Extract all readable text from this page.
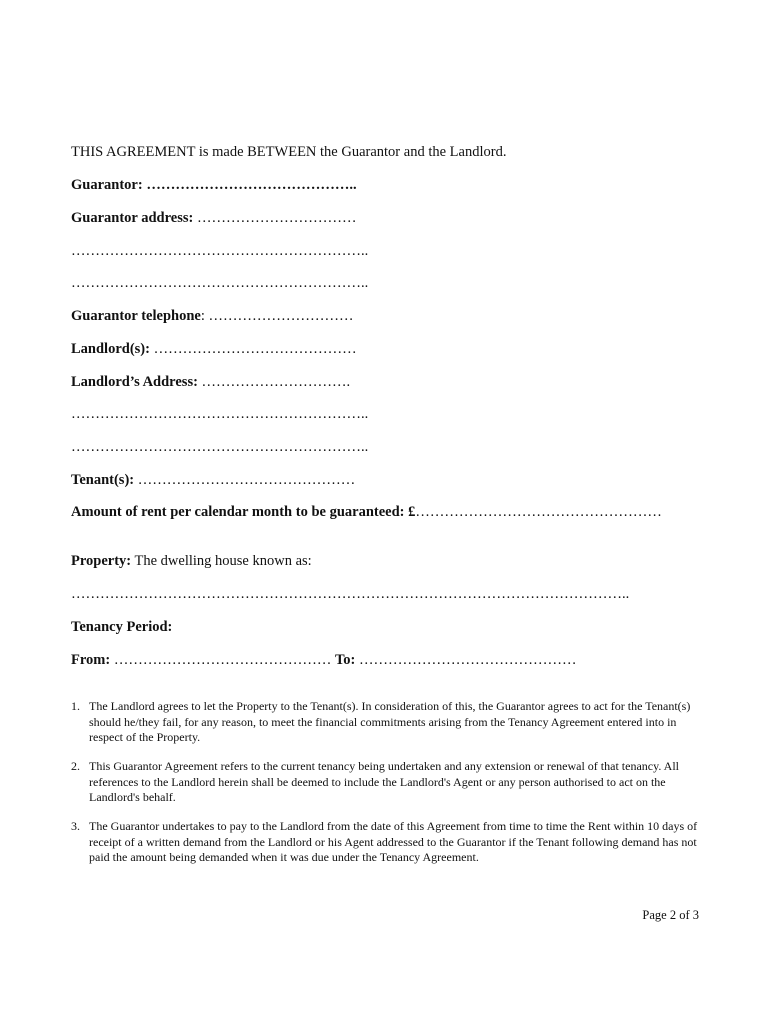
THIS AGREEMENT is made BETWEEN the Guarantor and the Landlord.
Guarantor: ……………………………………..
Guarantor address: ……………………………
……………………………………………………..
……………………………………………………..
Guarantor telephone: …………………………
Landlord(s): ……………………………………
Landlord’s Address: ………………………….
……………………………………………………..
……………………………………………………..
Tenant(s): ………………………………………
Amount of rent per calendar month to be guaranteed: £……………………………………………
Property: The dwelling house known as:
……………………………………………………………………………………………………..
Tenancy Period:
From: ……………………………………… To: ………………………………………
1. The Landlord agrees to let the Property to the Tenant(s). In consideration of this, the Guarantor agrees to act for the Tenant(s) should he/they fail, for any reason, to meet the financial commitments arising from the Tenancy Agreement entered into in respect of the Property.
2. This Guarantor Agreement refers to the current tenancy being undertaken and any extension or renewal of that tenancy. All references to the Landlord herein shall be deemed to include the Landlord's Agent or any person authorised to act on the Landlord's behalf.
3. The Guarantor undertakes to pay to the Landlord from the date of this Agreement from time to time the Rent within 10 days of receipt of a written demand from the Landlord or his Agent addressed to the Guarantor if the Tenant following demand has not paid the amount being demanded when it was due under the Tenancy Agreement.
Page 2 of 3
